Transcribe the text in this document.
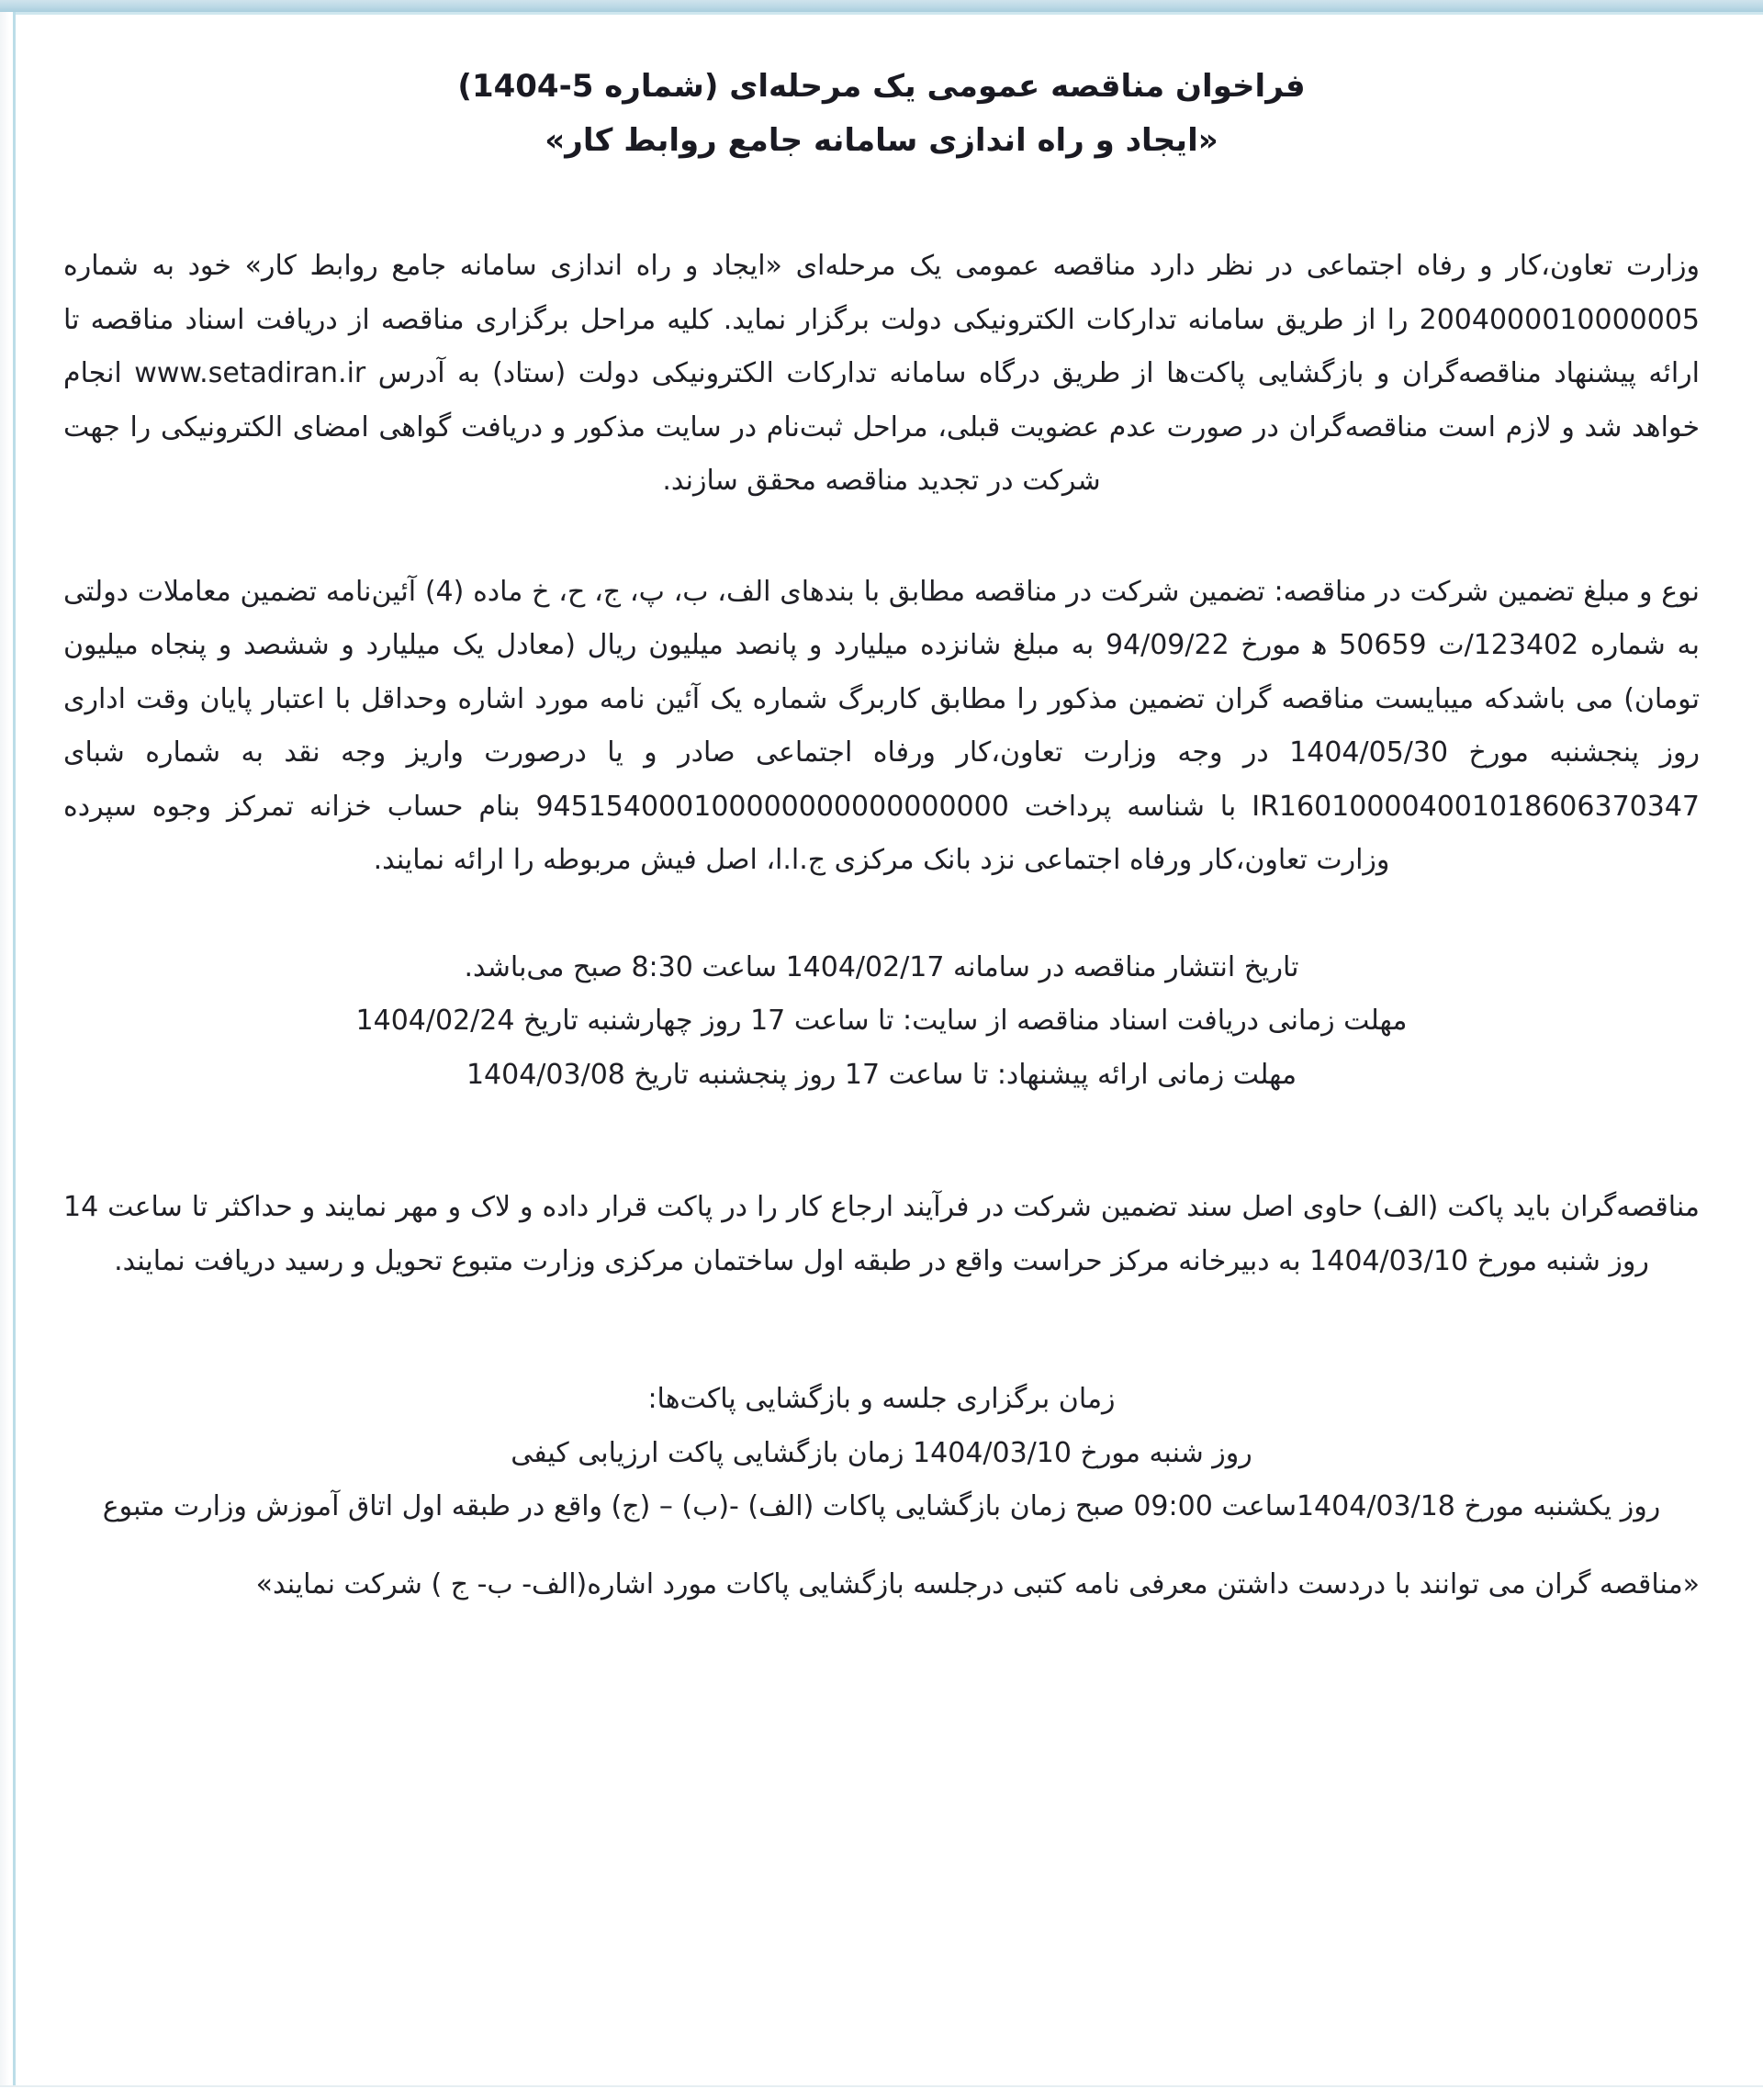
فراخوان مناقصه عمومی یک مرحله‌ای (شماره 5-1404)
«ایجاد و راه اندازی سامانه جامع روابط کار»

وزارت تعاون،کار و رفاه اجتماعی در نظر دارد مناقصه عمومی یک مرحله‌ای «ایجاد و راه اندازی سامانه جامع روابط کار» خود به شماره 2004000010000005 را از طریق سامانه تدارکات الکترونیکی دولت برگزار نماید. کلیه مراحل برگزاری مناقصه از دریافت اسناد مناقصه تا ارائه پیشنهاد مناقصه‌گران و بازگشایی پاکت‌ها از طریق درگاه سامانه تدارکات الکترونیکی دولت (ستاد) به آدرس www.setadiran.ir انجام خواهد شد و لازم است مناقصه‌گران در صورت عدم عضویت قبلی، مراحل ثبت‌نام در سایت مذکور و دریافت گواهی امضای الکترونیکی را جهت شرکت در تجدید مناقصه محقق سازند.

نوع و مبلغ تضمین شرکت در مناقصه: تضمین شرکت در مناقصه مطابق با بندهای الف، ب، پ، ج، ح، خ ماده (4) آئین‌نامه تضمین معاملات دولتی به شماره 123402/ت 50659 ه‍ مورخ 94/09/22 به مبلغ شانزده میلیارد و پانصد میلیون ریال (معادل یک میلیارد و ششصد و پنجاه میلیون تومان) می باشدکه میبایست مناقصه گران تضمین مذکور را مطابق کاربرگ شماره یک آئین نامه مورد اشاره وحداقل با اعتبار پایان وقت اداری روز پنجشنبه مورخ 1404/05/30 در وجه وزارت تعاون،کار ورفاه اجتماعی صادر و یا درصورت واریز وجه نقد به شماره شبای IR160100004001018606370347 با شناسه پرداخت 945154000100000000000000000 بنام حساب خزانه تمرکز وجوه سپرده وزارت تعاون،کار ورفاه اجتماعی نزد بانک مرکزی ج.ا.ا، اصل فیش مربوطه را ارائه نمایند.

تاریخ انتشار مناقصه در سامانه 1404/02/17 ساعت 8:30 صبح می‌باشد.
مهلت زمانی دریافت اسناد مناقصه از سایت: تا ساعت 17 روز چهارشنبه تاریخ 1404/02/24
مهلت زمانی ارائه پیشنهاد: تا ساعت 17 روز پنجشنبه تاریخ 1404/03/08

مناقصه‌گران باید پاکت (الف) حاوی اصل سند تضمین شرکت در فرآیند ارجاع کار را در پاکت قرار داده و لاک و مهر نمایند و حداکثر تا ساعت 14 روز شنبه مورخ 1404/03/10 به دبیرخانه مرکز حراست واقع در طبقه اول ساختمان مرکزی وزارت متبوع تحویل و رسید دریافت نمایند.

زمان برگزاری جلسه و بازگشایی پاکت‌ها:
روز شنبه مورخ 1404/03/10 زمان بازگشایی پاکت ارزیابی کیفی
روز یکشنبه مورخ 1404/03/18ساعت 09:00 صبح زمان بازگشایی پاکات (الف) -(ب) – (ج) واقع در طبقه اول اتاق آموزش وزارت متبوع
«مناقصه گران می توانند با دردست داشتن معرفی نامه کتبی درجلسه بازگشایی پاکات مورد اشاره(الف- ب- ج ) شرکت نمایند»
